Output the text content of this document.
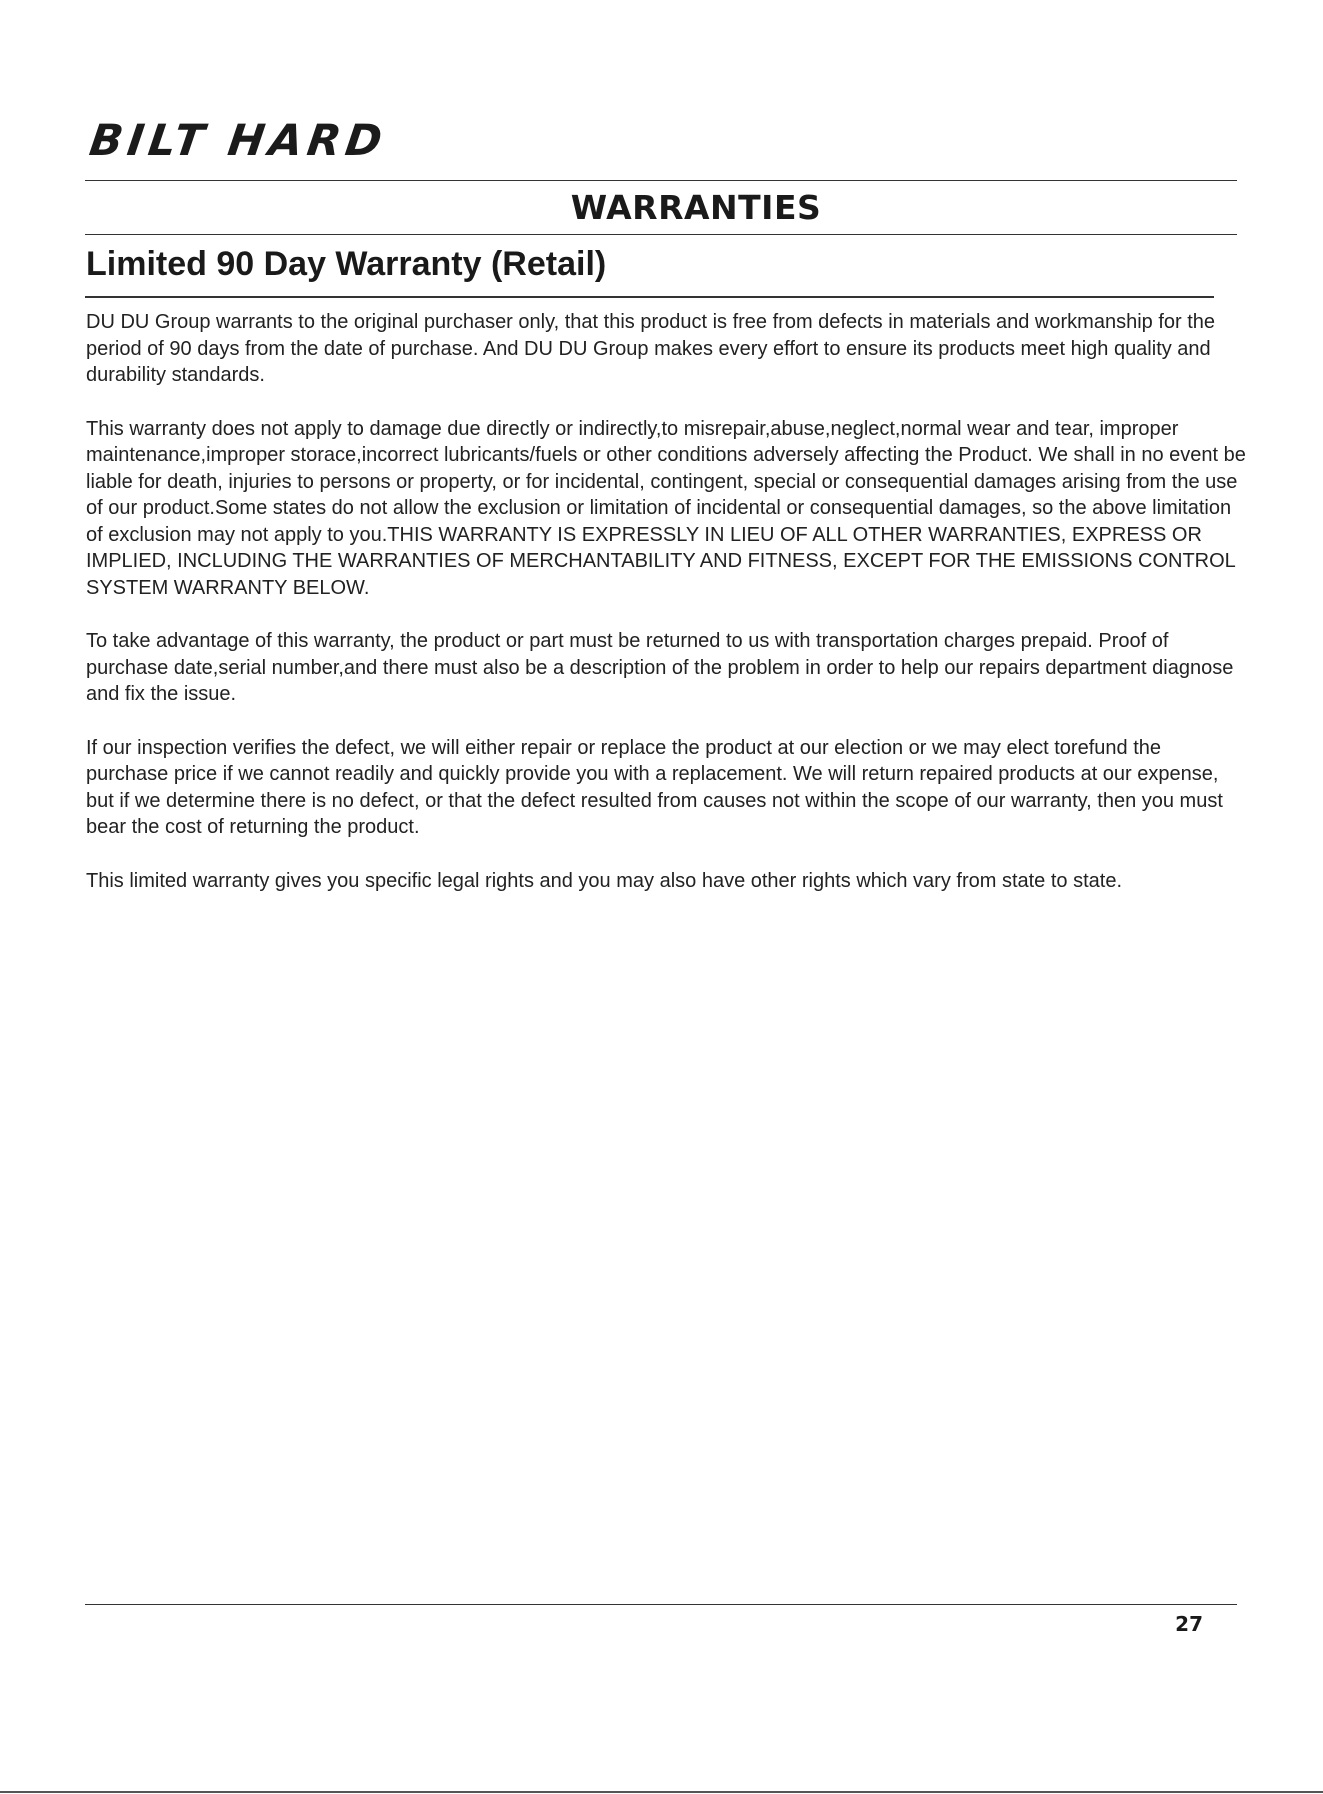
BILT HARD
WARRANTIES
Limited 90 Day Warranty (Retail)

DU DU Group warrants to the original purchaser only, that this product is free from defects in materials and workmanship for the period of 90 days from the date of purchase. And DU DU Group makes every effort to ensure its products meet high quality and durability standards.

This warranty does not apply to damage due directly or indirectly,to misrepair,abuse,neglect,normal wear and tear, improper maintenance,improper storace,incorrect lubricants/fuels or other conditions adversely affecting the Product. We shall in no event be liable for death, injuries to persons or property, or for incidental, contingent, special or consequential damages arising from the use of our product.Some states do not allow the exclusion or limitation of incidental or consequential damages, so the above limitation of exclusion may not apply to you.THIS WARRANTY IS EXPRESSLY IN LIEU OF ALL OTHER WARRANTIES, EXPRESS OR IMPLIED, INCLUDING THE WARRANTIES OF MERCHANTABILITY AND FITNESS, EXCEPT FOR THE EMISSIONS CONTROL SYSTEM WARRANTY BELOW.

To take advantage of this warranty, the product or part must be returned to us with transportation charges prepaid. Proof of purchase date,serial number,and there must also be a description of the problem in order to help our repairs department diagnose and fix the issue.

If our inspection verifies the defect, we will either repair or replace the product at our election or we may elect torefund the purchase price if we cannot readily and quickly provide you with a replacement. We will return repaired products at our expense, but if we determine there is no defect, or that the defect resulted from causes not within the scope of our warranty, then you must bear the cost of returning the product.

This limited warranty gives you specific legal rights and you may also have other rights which vary from state to state.

27
